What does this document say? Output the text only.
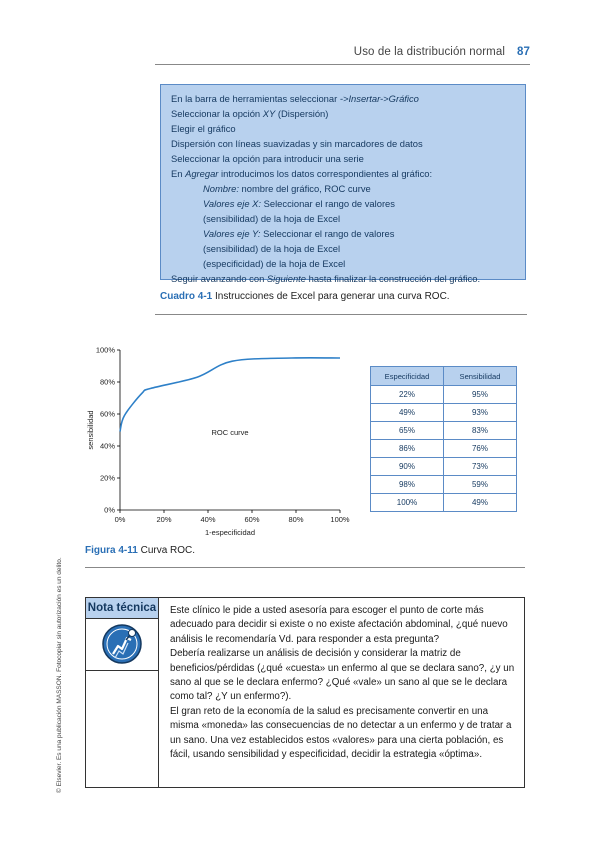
Uso de la distribución normal 87
En la barra de herramientas seleccionar ->Insertar->Gráfico
Seleccionar la opción XY (Dispersión)
Elegir el gráfico
Dispersión con líneas suavizadas y sin marcadores de datos
Seleccionar la opción para introducir una serie
En Agregar introducimos los datos correspondientes al gráfico:
Nombre: nombre del gráfico, ROC curve
Valores eje X: Seleccionar el rango de valores
(sensibilidad) de la hoja de Excel
Valores eje Y: Seleccionar el rango de valores
(sensibilidad) de la hoja de Excel
(especificidad) de la hoja de Excel
Seguir avanzando con Siguiente hasta finalizar la construcción del gráfico.
Cuadro 4-1 Instrucciones de Excel para generar una curva ROC.
0%
20%
40%
60%
80%
100%
0%	20%	40%	60%	80%	100%
ROC curve
1-especificidad
sensibilidad
Especificidad	Sensibilidad
22%	95%
49%	93%
65%	83%
86%	76%
90%	73%
98%	59%
100%	49%
Figura 4-11 Curva ROC.
Nota técnica Este clínico le pide a usted asesoría para escoger el punto de corte más adecuado para decidir si existe o no existe afectación abdominal, ¿qué nuevo análisis le recomendaría Vd. para responder a esta pregunta?
Debería realizarse un análisis de decisión y considerar la matriz de beneficios/pérdidas (¿qué «cuesta» un enfermo al que se declara sano?, ¿y un sano al que se le declara enfermo? ¿Qué «vale» un sano al que se le declara como tal? ¿Y un enfermo?).
El gran reto de la economía de la salud es precisamente convertir en una misma «moneda» las consecuencias de no detectar a un enfermo y de tratar a un sano. Una vez establecidos estos «valores» para una cierta población, es fácil, usando sensibilidad y especificidad, decidir la estrategia «óptima».
© Elsevier. Es una publicación MASSON. Fotocopiar sin autorización es un delito.
